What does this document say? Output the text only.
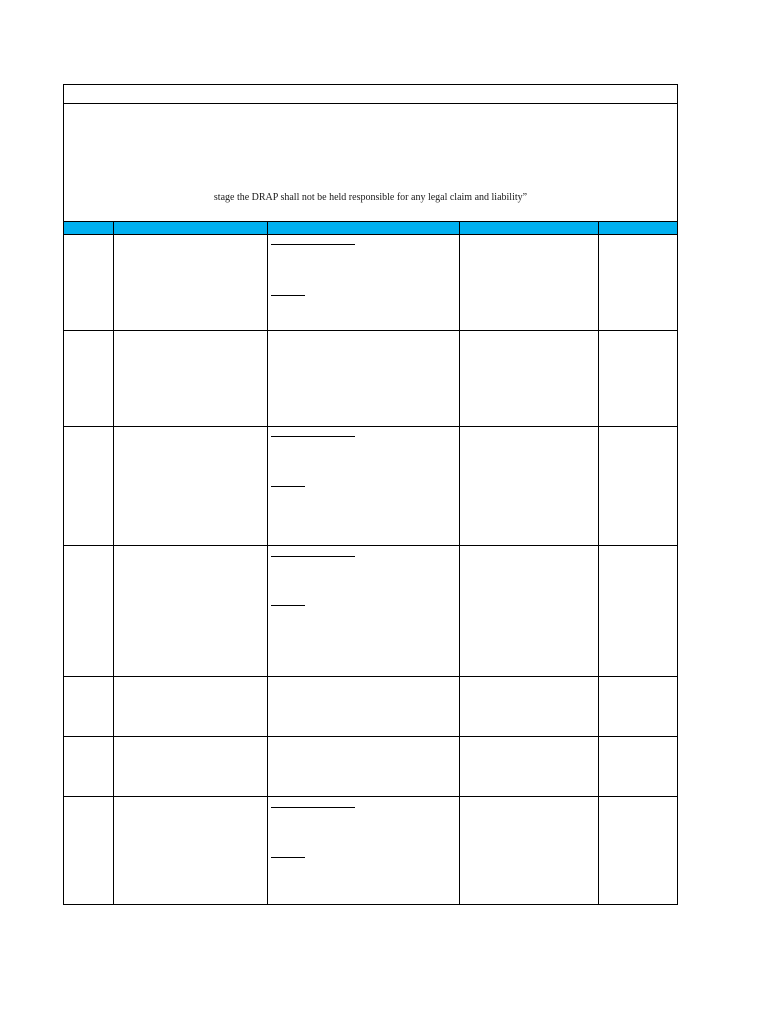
stage the DRAP shall not be held responsible for any legal claim and liability”
